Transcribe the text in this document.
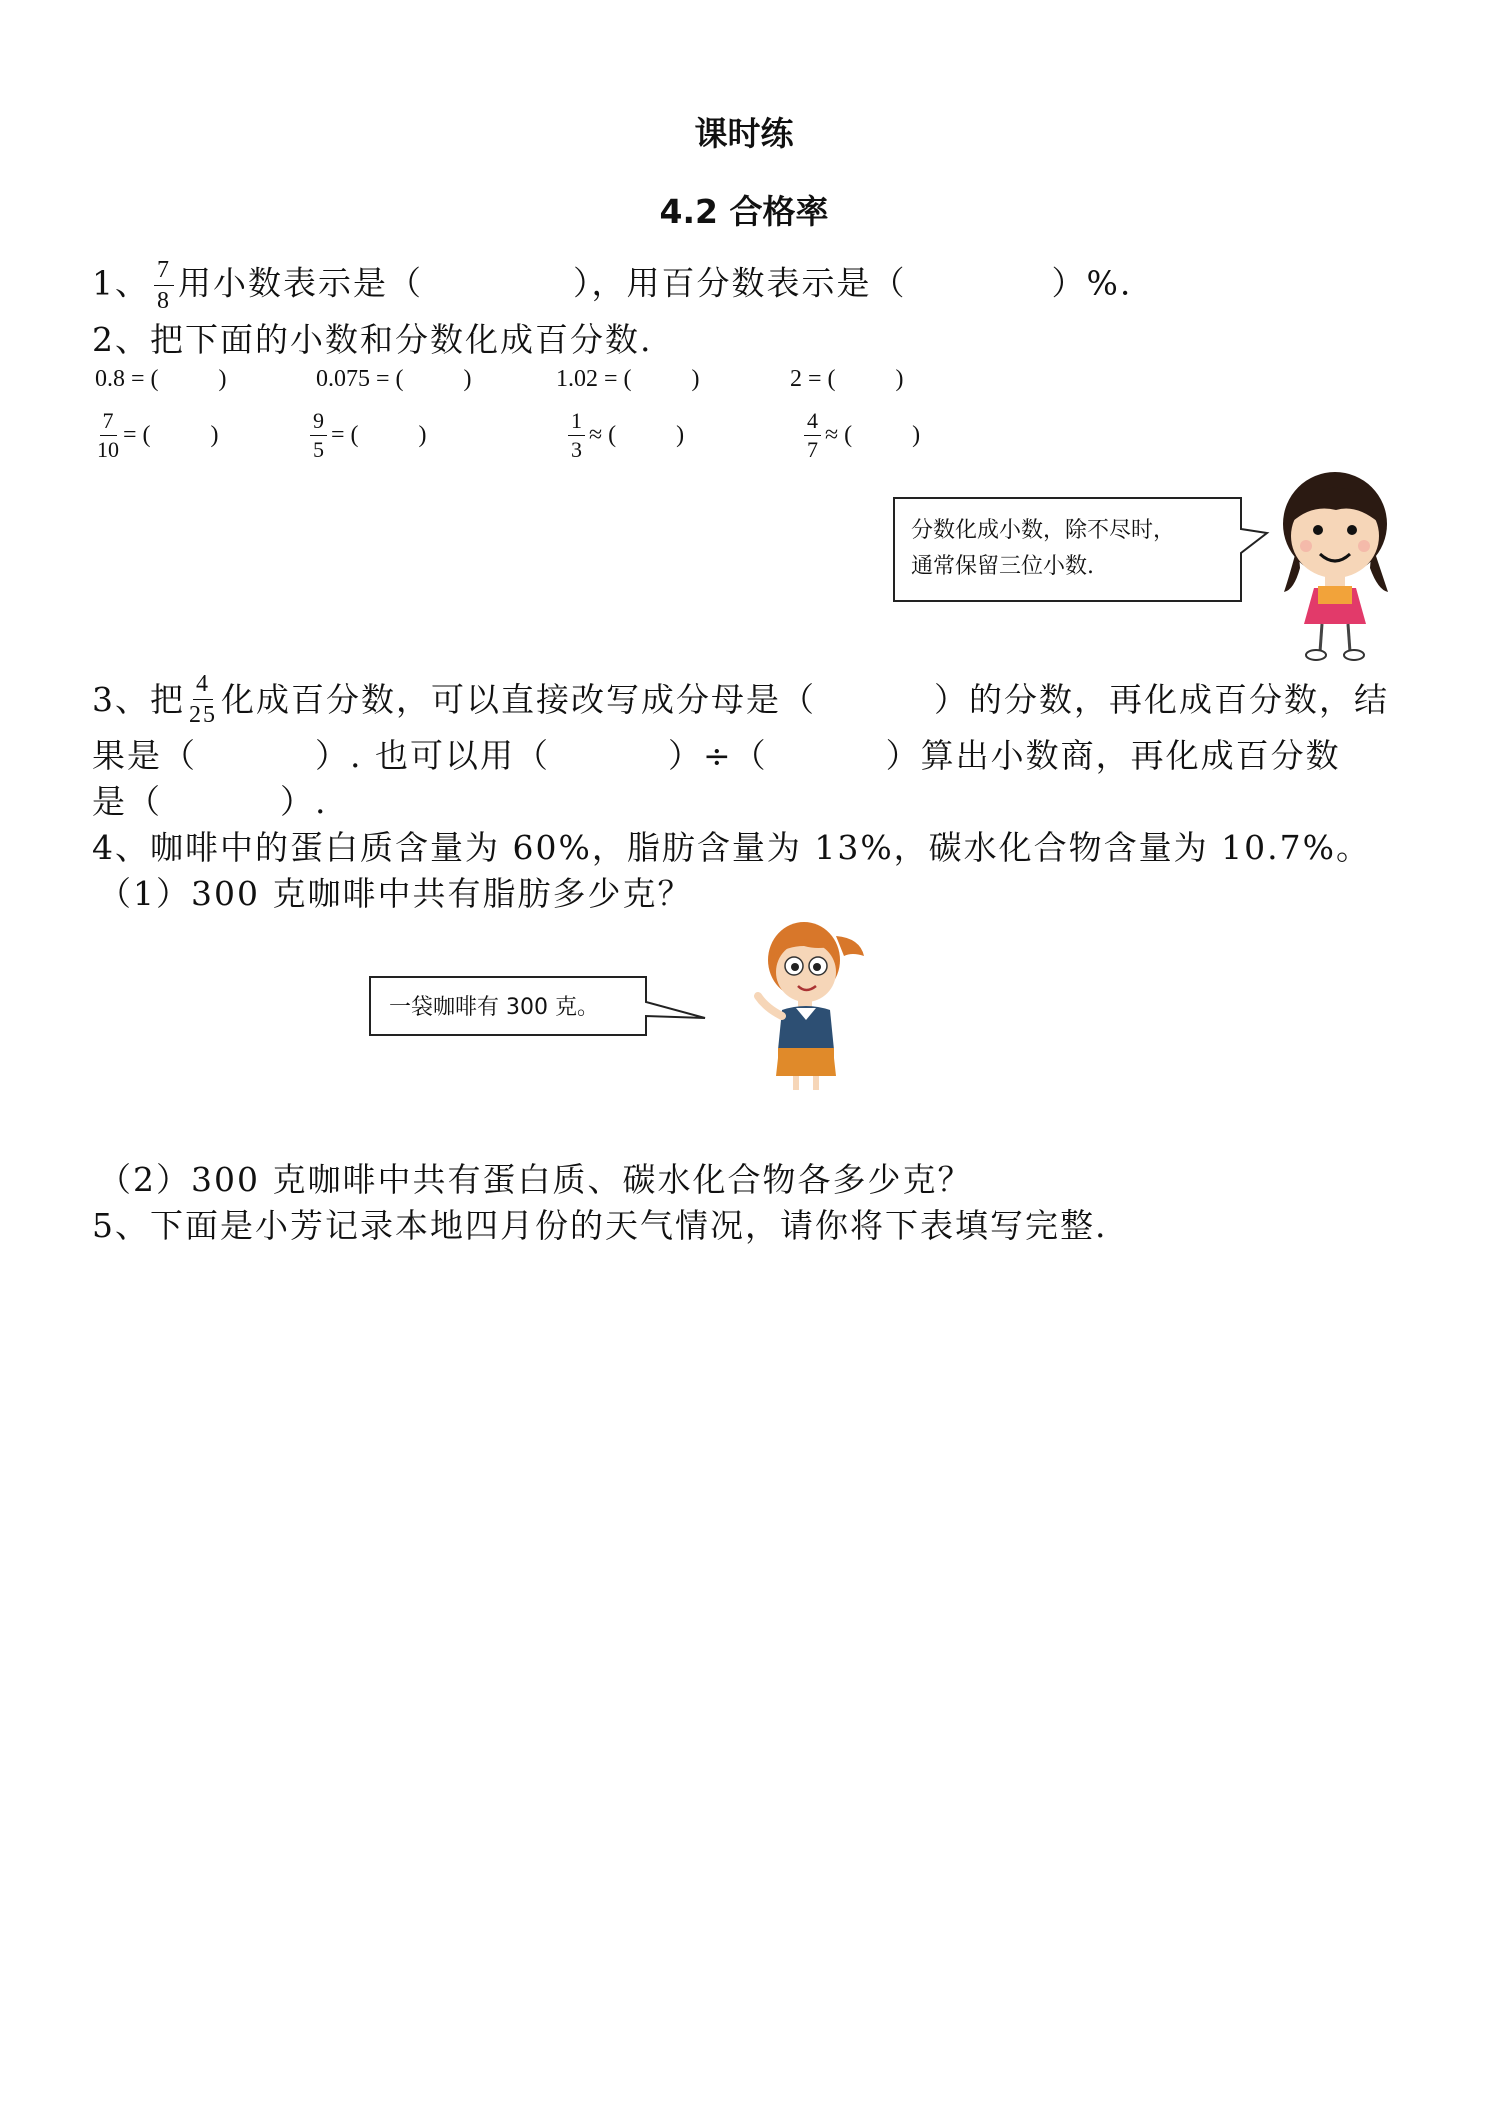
课时练
4.2 合格率
1、 $\frac{7}{8}$ 用小数表示是（	），用百分数表示是（	）%.
2、把下面的小数和分数化成百分数.
0.8 = (	)	0.075 = (	)	1.02 = (	)	2 = (	)
$\frac{7}{10}$ = (	)	$\frac{9}{5}$ = (	)	$\frac{1}{3}$ ≈ (	)	$\frac{4}{7}$ ≈ (	)
分数化成小数，除不尽时，
通常保留三位小数.
3、 把 $\frac{4}{25}$ 化成百分数，可以直接改写成分母是（	）的分数，再化成百分数，结
果是（	）. 也可以用（	）÷（	）算出小数商，再化成百分数
是（	）.
4、咖啡中的蛋白质含量为 60%，脂肪含量为 13%，碳水化合物含量为 10.7%。
（1）300 克咖啡中共有脂肪多少克？
一袋咖啡有 300 克。
（2）300 克咖啡中共有蛋白质、碳水化合物各多少克？
5、下面是小芳记录本地四月份的天气情况，请你将下表填写完整.
